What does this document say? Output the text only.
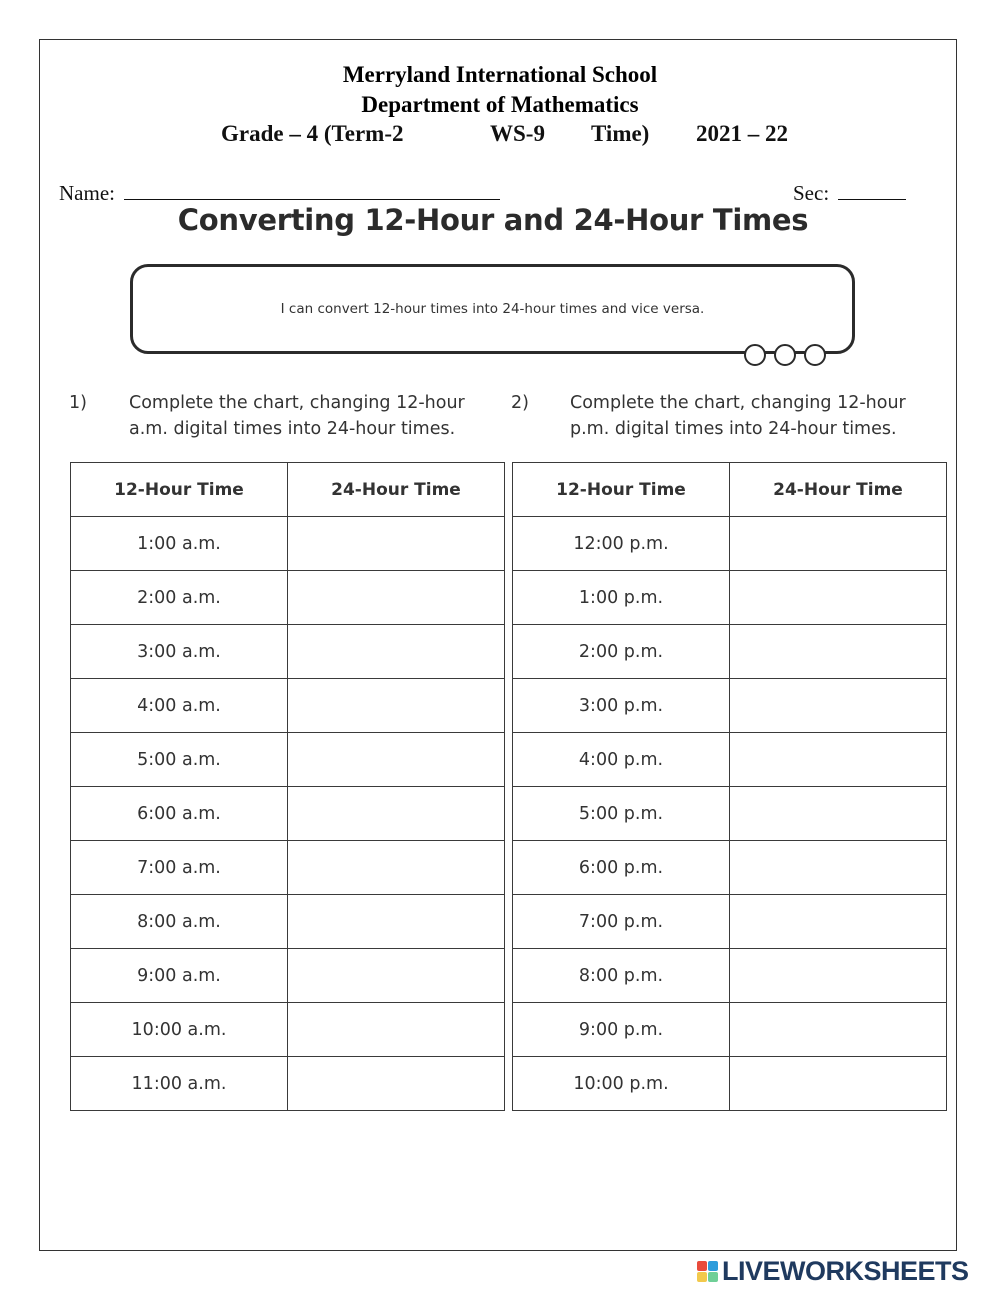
Merryland International School
Department of Mathematics
Grade – 4 (Term-2	WS-9 Time) 2021 – 22
Name:	Sec:
Converting 12-Hour and 24-Hour Times
I can convert 12-hour times into 24-hour times and vice versa.
1) Complete the chart, changing 12-hour
a.m. digital times into 24-hour times.
2) Complete the chart, changing 12-hour
p.m. digital times into 24-hour times.
12-Hour Time	24-Hour Time
1:00 a.m.	
2:00 a.m.	
3:00 a.m.	
4:00 a.m.	
5:00 a.m.	
6:00 a.m.	
7:00 a.m.	
8:00 a.m.	
9:00 a.m.	
10:00 a.m.	
11:00 a.m.	
12-Hour Time	24-Hour Time
12:00 p.m.	
1:00 p.m.	
2:00 p.m.	
3:00 p.m.	
4:00 p.m.	
5:00 p.m.	
6:00 p.m.	
7:00 p.m.	
8:00 p.m.	
9:00 p.m.	
10:00 p.m.	
LIVEWORKSHEETS
